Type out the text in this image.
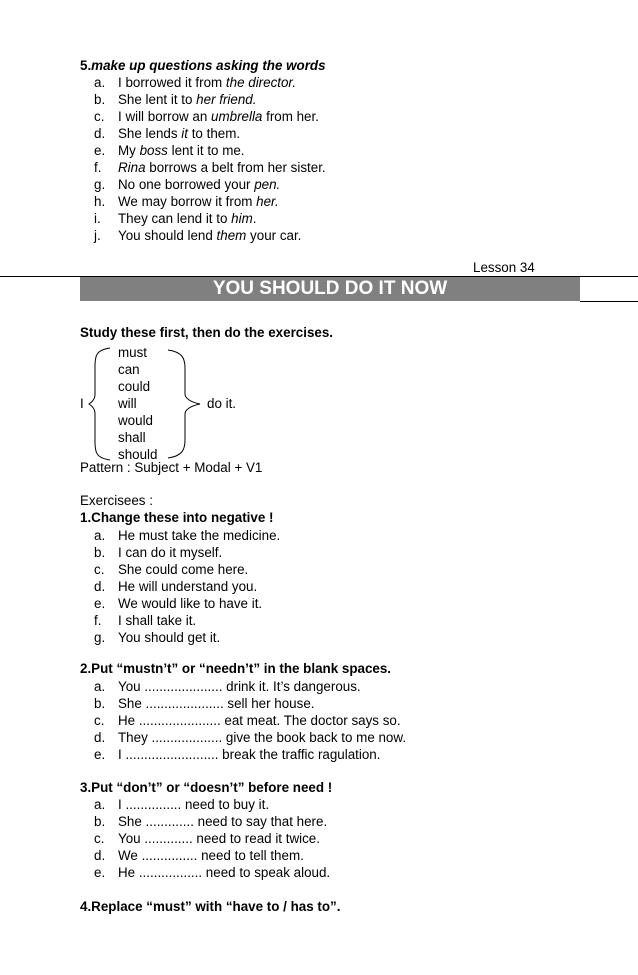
5.make up questions asking the words
a. I borrowed it from the director.
b. She lent it to her friend.
c. I will borrow an umbrella from her.
d. She lends it to them.
e. My boss lent it to me.
f. Rina borrows a belt from her sister.
g. No one borrowed your pen.
h. We may borrow it from her.
i. They can lend it to him.
j. You should lend them your car.
Lesson 34
YOU SHOULD DO IT NOW
Study these first, then do the exercises.
I
must
can
could
will
would
shall
should
do it.
Pattern : Subject + Modal + V1
Exercisees :
1.Change these into negative !
a. He must take the medicine.
b. I can do it myself.
c. She could come here.
d. He will understand you.
e. We would like to have it.
f. I shall take it.
g. You should get it.
2.Put “mustn’t” or “needn’t” in the blank spaces.
a. You ..................... drink it. It’s dangerous.
b. She ..................... sell her house.
c. He ...................... eat meat. The doctor says so.
d. They ................... give the book back to me now.
e. I ......................... break the traffic ragulation.
3.Put “don’t” or “doesn’t” before need !
a. I ............... need to buy it.
b. She ............. need to say that here.
c. You ............. need to read it twice.
d. We ............... need to tell them.
e. He ................. need to speak aloud.
4.Replace “must” with “have to / has to”.
